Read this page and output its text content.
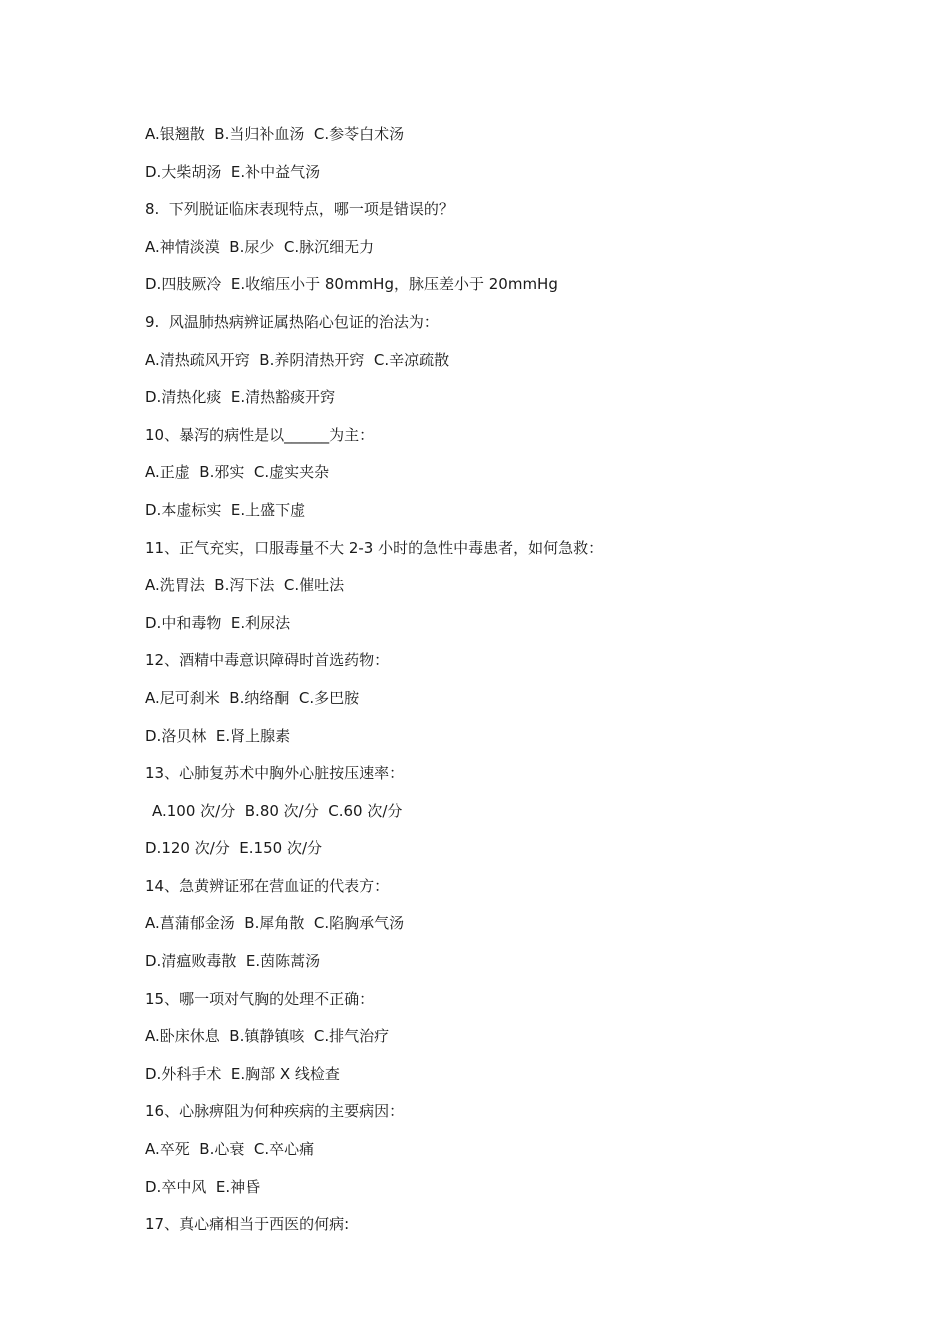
A.银翘散  B.当归补血汤  C.参苓白术汤

D.大柴胡汤  E.补中益气汤

8.  下列脱证临床表现特点，哪一项是错误的？

A.神情淡漠  B.尿少  C.脉沉细无力

D.四肢厥冷  E.收缩压小于 80mmHg，脉压差小于 20mmHg

9.  风温肺热病辨证属热陷心包证的治法为：

A.清热疏风开窍  B.养阴清热开窍  C.辛凉疏散

D.清热化痰  E.清热豁痰开窍

10、暴泻的病性是以______为主：

A.正虚  B.邪实  C.虚实夹杂

D.本虚标实  E.上盛下虚

11、正气充实，口服毒量不大 2-3 小时的急性中毒患者，如何急救：

A.洗胃法  B.泻下法  C.催吐法

D.中和毒物  E.利尿法

12、酒精中毒意识障碍时首选药物：

A.尼可刹米  B.纳络酮  C.多巴胺

D.洛贝林  E.肾上腺素

13、心肺复苏术中胸外心脏按压速率：

A.100 次/分  B.80 次/分  C.60 次/分

D.120 次/分  E.150 次/分

14、急黄辨证邪在营血证的代表方：

A.菖蒲郁金汤  B.犀角散  C.陷胸承气汤

D.清瘟败毒散  E.茵陈蒿汤

15、哪一项对气胸的处理不正确：

A.卧床休息  B.镇静镇咳  C.排气治疗

D.外科手术  E.胸部 X 线检查

16、心脉痹阻为何种疾病的主要病因：

A.卒死  B.心衰  C.卒心痛

D.卒中风  E.神昏

17、真心痛相当于西医的何病:
